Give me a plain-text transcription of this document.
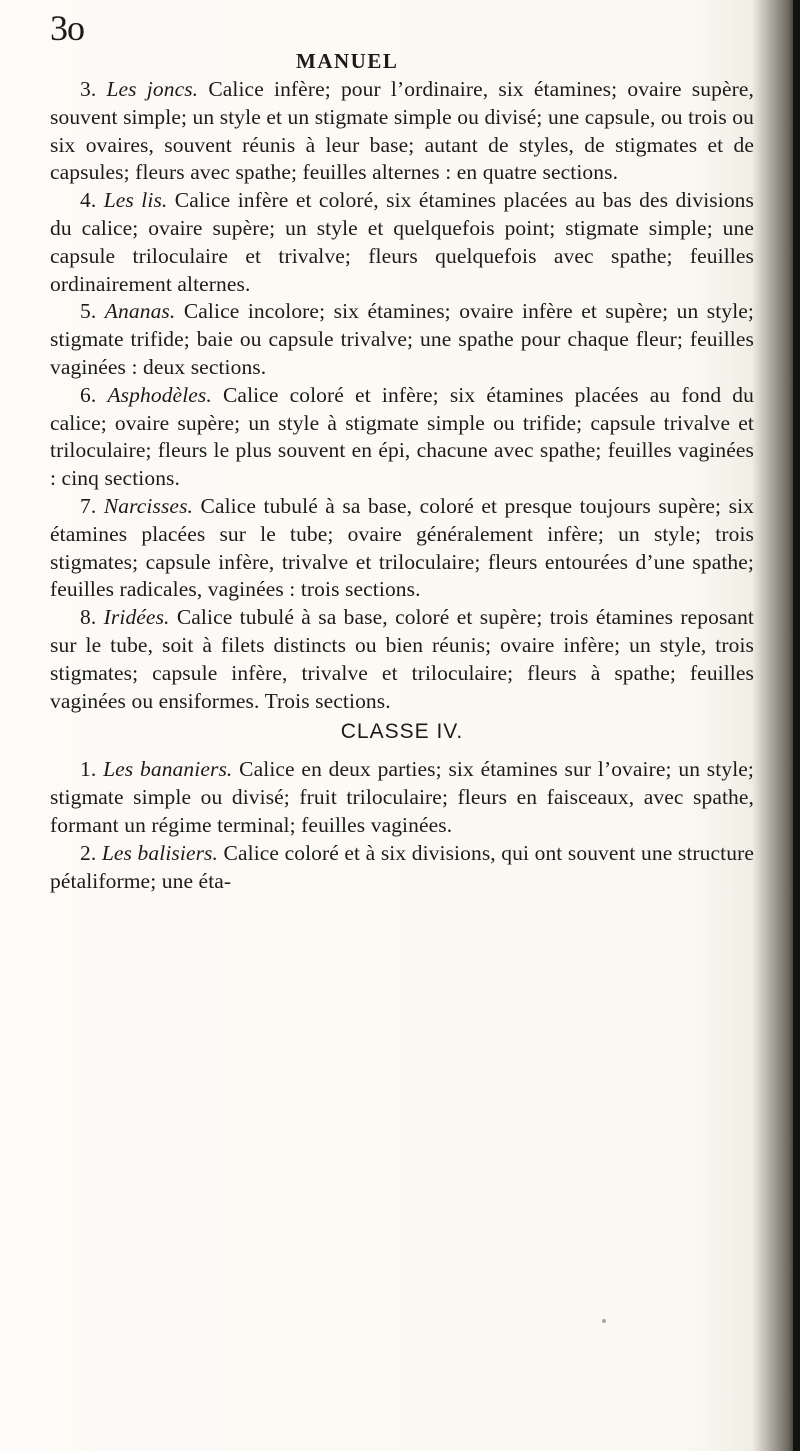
3o
MANUEL

3. Les joncs. Calice infère; pour l’ordinaire, six étamines; ovaire supère, souvent simple; un style et un stigmate simple ou divisé; une capsule, ou trois ou six ovaires, souvent réunis à leur base; autant de styles, de stigmates et de capsules; fleurs avec spathe; feuilles alternes : en quatre sections.

4. Les lis. Calice infère et coloré, six étamines placées au bas des divisions du calice; ovaire supère; un style et quelquefois point; stigmate simple; une capsule triloculaire et trivalve; fleurs quelquefois avec spathe; feuilles ordinairement alternes.

5. Ananas. Calice incolore; six étamines; ovaire infère et supère; un style; stigmate trifide; baie ou capsule trivalve; une spathe pour chaque fleur; feuilles vaginées : deux sections.

6. Asphodèles. Calice coloré et infère; six étamines placées au fond du calice; ovaire supère; un style à stigmate simple ou trifide; capsule trivalve et triloculaire; fleurs le plus souvent en épi, chacune avec spathe; feuilles vaginées : cinq sections.

7. Narcisses. Calice tubulé à sa base, coloré et presque toujours supère; six étamines placées sur le tube; ovaire généralement infère; un style; trois stigmates; capsule infère, trivalve et triloculaire; fleurs entourées d’une spathe; feuilles radicales, vaginées : trois sections.

8. Iridées. Calice tubulé à sa base, coloré et supère; trois étamines reposant sur le tube, soit à filets distincts ou bien réunis; ovaire infère; un style, trois stigmates; capsule infère, trivalve et triloculaire; fleurs à spathe; feuilles vaginées ou ensiformes. Trois sections.

CLASSE IV.

1. Les bananiers. Calice en deux parties; six étamines sur l’ovaire; un style; stigmate simple ou divisé; fruit triloculaire; fleurs en faisceaux, avec spathe, formant un régime terminal; feuilles vaginées.

2. Les balisiers. Calice coloré et à six divisions, qui ont souvent une structure pétaliforme; une éta-
